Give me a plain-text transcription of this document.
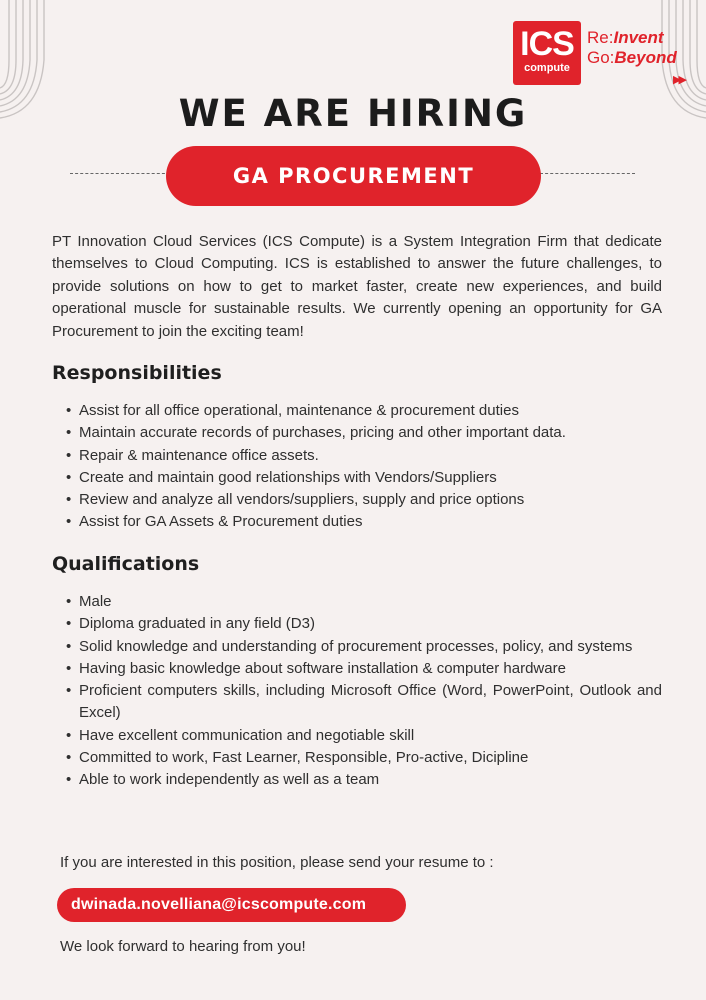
ICS
compute
Re:Invent
Go:Beyond
▶▶
WE ARE HIRING
GA PROCUREMENT

PT Innovation Cloud Services (ICS Compute) is a System Integration Firm that dedicate themselves to Cloud Computing. ICS is established to answer the future challenges, to provide solutions on how to get to market faster, create new experiences, and build operational muscle for sustainable results. We currently opening an opportunity for GA Procurement to join the exciting team!

Responsibilities
• Assist for all office operational, maintenance & procurement duties
• Maintain accurate records of purchases, pricing and other important data.
• Repair & maintenance office assets.
• Create and maintain good relationships with Vendors/Suppliers
• Review and analyze all vendors/suppliers, supply and price options
• Assist for GA Assets & Procurement duties
Qualifications
• Male
• Diploma graduated in any field (D3)
• Solid knowledge and understanding of procurement processes, policy, and systems
• Having basic knowledge about software installation & computer hardware
• Proficient computers skills, including Microsoft Office (Word, PowerPoint, Outlook and Excel)
• Have excellent communication and negotiable skill
• Committed to work, Fast Learner, Responsible, Pro-active, Dicipline
• Able to work independently as well as a team
If you are interested in this position, please send your resume to :
dwinada.novelliana@icscompute.com
We look forward to hearing from you!
